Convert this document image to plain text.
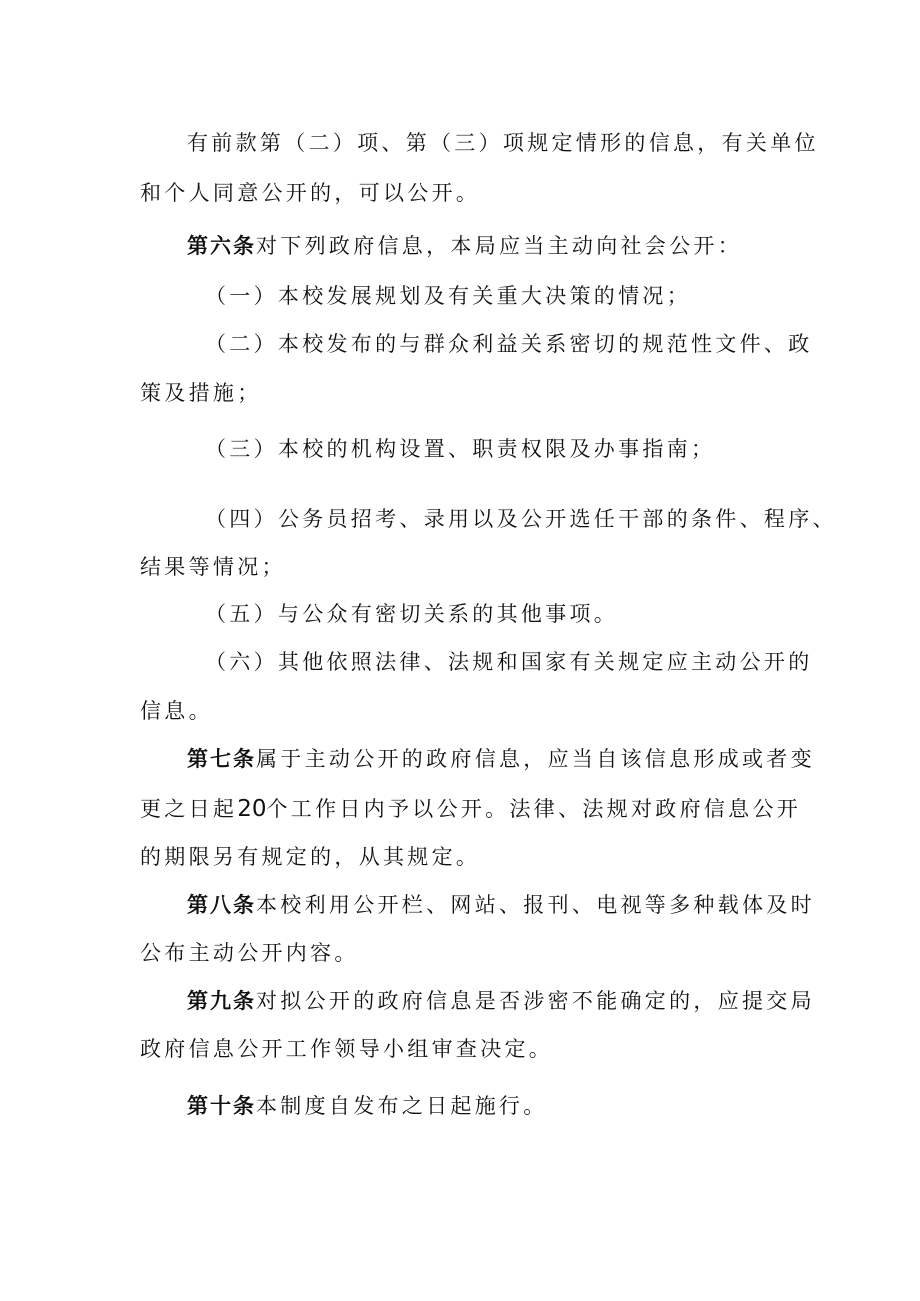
有前款第（二）项、第（三）项规定情形的信息，有关单位
和个人同意公开的，可以公开。
第六条对下列政府信息，本局应当主动向社会公开：
（一）本校发展规划及有关重大决策的情况；
（二）本校发布的与群众利益关系密切的规范性文件、政
策及措施；
（三）本校的机构设置、职责权限及办事指南；
（四）公务员招考、录用以及公开选任干部的条件、程序、
结果等情况；
（五）与公众有密切关系的其他事项。
（六）其他依照法律、法规和国家有关规定应主动公开的
信息。
第七条属于主动公开的政府信息，应当自该信息形成或者变
更之日起20个工作日内予以公开。法律、法规对政府信息公开
的期限另有规定的，从其规定。
第八条本校利用公开栏、网站、报刊、电视等多种载体及时
公布主动公开内容。
第九条对拟公开的政府信息是否涉密不能确定的，应提交局
政府信息公开工作领导小组审查决定。
第十条本制度自发布之日起施行。
